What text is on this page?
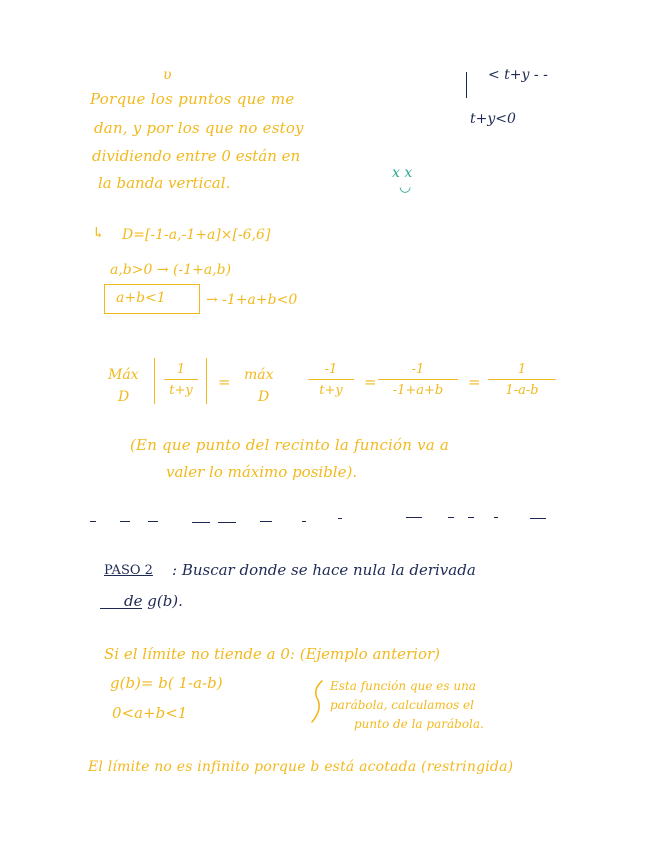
< t+y - -
t+y<0
υ
Porque los puntos que me
dan, y por los que no estoy
dividiendo entre 0 están en
la banda vertical.
x x
◡
↳ D=[-1-a,-1+a]×[-6,6]
a,b>0 → (-1+a,b)
a+b<1	→ -1+a+b<0
Máx
D
1
t+y	= máx
D
-1
t+y	=
-1
-1+a+b	=
1
1-a-b
(En que punto del recinto la función va a
valer lo máximo posible).
PASO 2 : Buscar donde se hace nula la derivada
de g(b).
Si el límite no tiende a 0: (Ejemplo anterior)
g(b)= b( 1-a-b)
0<a+b<1
Esta función que es una
parábola, calculamos el
punto de la parábola.
El límite no es infinito porque b está acotada (restringida)
